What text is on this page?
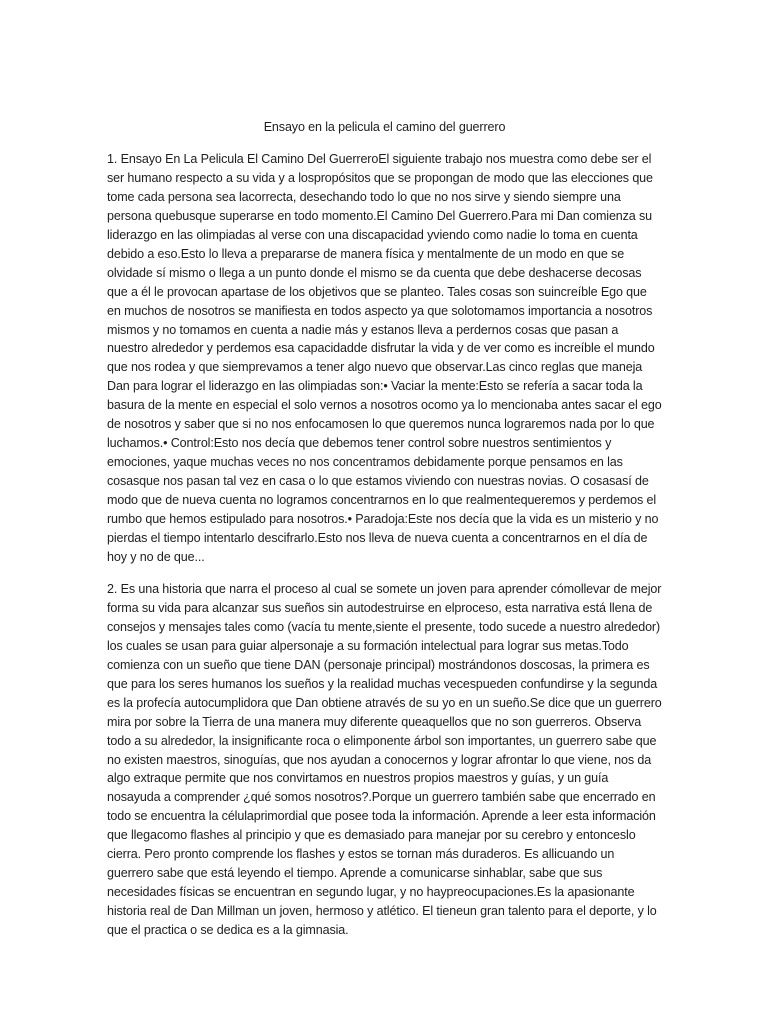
Ensayo en la pelicula el camino del guerrero
1. Ensayo En La Pelicula El Camino Del GuerreroEl siguiente trabajo nos muestra como debe ser el ser humano respecto a su vida y a lospropósitos que se propongan de modo que las elecciones que tome cada persona sea lacorrecta, desechando todo lo que no nos sirve y siendo siempre una persona quebusque superarse en todo momento.El Camino Del Guerrero.Para mi Dan comienza su liderazgo en las olimpiadas al verse con una discapacidad yviendo como nadie lo toma en cuenta debido a eso.Esto lo lleva a prepararse de manera física y mentalmente de un modo en que se olvidade sí mismo o llega a un punto donde el mismo se da cuenta que debe deshacerse decosas que a él le provocan apartase de los objetivos que se planteo. Tales cosas son suincreíble Ego que en muchos de nosotros se manifiesta en todos aspecto ya que solotomamos importancia a nosotros mismos y no tomamos en cuenta a nadie más y estanos lleva a perdernos cosas que pasan a nuestro alrededor y perdemos esa capacidadde disfrutar la vida y de ver como es increíble el mundo que nos rodea y que siemprevamos a tener algo nuevo que observar.Las cinco reglas que maneja Dan para lograr el liderazgo en las olimpiadas son:• Vaciar la mente:Esto se refería a sacar toda la basura de la mente en especial el solo vernos a nosotros ocomo ya lo mencionaba antes sacar el ego de nosotros y saber que si no nos enfocamosen lo que queremos nunca lograremos nada por lo que luchamos.• Control:Esto nos decía que debemos tener control sobre nuestros sentimientos y emociones, yaque muchas veces no nos concentramos debidamente porque pensamos en las cosasque nos pasan tal vez en casa o lo que estamos viviendo con nuestras novias. O cosasasí de modo que de nueva cuenta no logramos concentrarnos en lo que realmentequeremos y perdemos el rumbo que hemos estipulado para nosotros.• Paradoja:Este nos decía que la vida es un misterio y no pierdas el tiempo intentarlo descifrarlo.Esto nos lleva de nueva cuenta a concentrarnos en el día de hoy y no de que...
2. Es una historia que narra el proceso al cual se somete un joven para aprender cómollevar de mejor forma su vida para alcanzar sus sueños sin autodestruirse en elproceso, esta narrativa está llena de consejos y mensajes tales como (vacía tu mente,siente el presente, todo sucede a nuestro alrededor) los cuales se usan para guiar alpersonaje a su formación intelectual para lograr sus metas.Todo comienza con un sueño que tiene DAN (personaje principal) mostrándonos doscosas, la primera es que para los seres humanos los sueños y la realidad muchas vecespueden confundirse y la segunda es la profecía autocumplidora que Dan obtiene através de su yo en un sueño.Se dice que un guerrero mira por sobre la Tierra de una manera muy diferente queaquellos que no son guerreros. Observa todo a su alrededor, la insignificante roca o elimponente árbol son importantes, un guerrero sabe que no existen maestros, sinoguías, que nos ayudan a conocernos y lograr afrontar lo que viene, nos da algo extraque permite que nos convirtamos en nuestros propios maestros y guías, y un guía nosayuda a comprender ¿qué somos nosotros?.Porque un guerrero también sabe que encerrado en todo se encuentra la célulaprimordial que posee toda la información. Aprende a leer esta información que llegacomo flashes al principio y que es demasiado para manejar por su cerebro y entonceslo cierra. Pero pronto comprende los flashes y estos se tornan más duraderos. Es allicuando un guerrero sabe que está leyendo el tiempo. Aprende a comunicarse sinhablar, sabe que sus necesidades físicas se encuentran en segundo lugar, y no haypreocupaciones.Es la apasionante historia real de Dan Millman un joven, hermoso y atlético. El tieneun gran talento para el deporte, y lo que el practica o se dedica es a la gimnasia.
